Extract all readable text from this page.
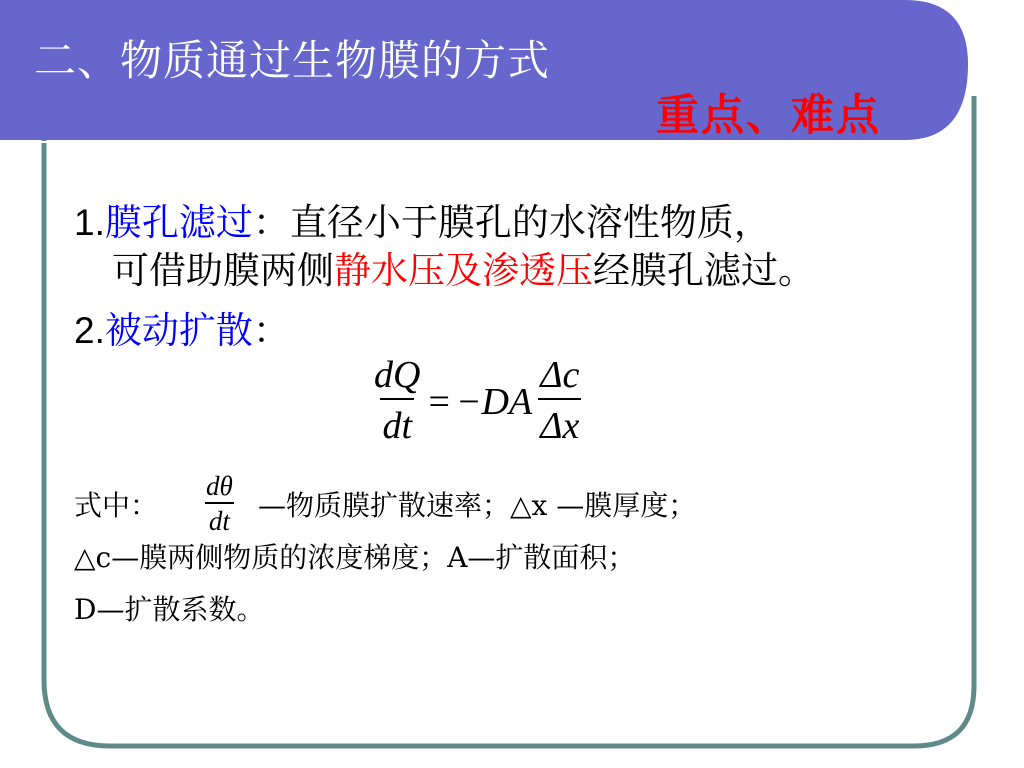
二、物质通过生物膜的方式
重点、难点
1.膜孔滤过：直径小于膜孔的水溶性物质，
可借助膜两侧静水压及渗透压经膜孔滤过。
2.被动扩散：
$\frac{dQ}{dt} = -DA \frac{\Delta c}{\Delta x}$
式中： $\frac{d\theta}{dt}$ —物质膜扩散速率；△x —膜厚度；
△c—膜两侧物质的浓度梯度；A—扩散面积；
D—扩散系数。
